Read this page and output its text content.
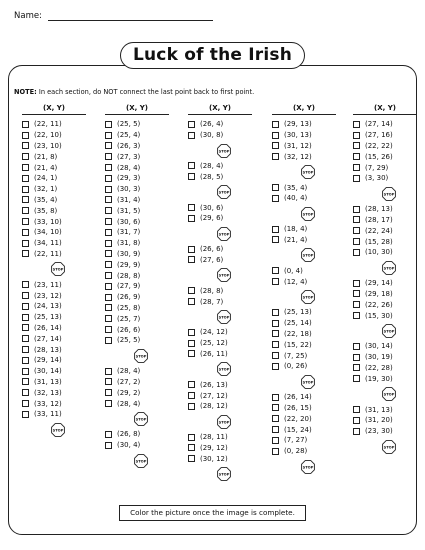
Name:
Luck of the Irish
NOTE: In each section, do NOT connect the last point back to first point.
(X, Y)
(22, 11)
(22, 10)
(23, 10)
(21, 8)
(21, 4)
(24, 1)
(32, 1)
(35, 4)
(35, 8)
(33, 10)
(34, 10)
(34, 11)
(22, 11)
STOP
(23, 11)
(23, 12)
(24, 13)
(25, 13)
(26, 14)
(27, 14)
(28, 13)
(29, 14)
(30, 14)
(31, 13)
(32, 13)
(33, 12)
(33, 11)
STOP
(X, Y)
(25, 5)
(25, 4)
(26, 3)
(27, 3)
(28, 4)
(29, 3)
(30, 3)
(31, 4)
(31, 5)
(30, 6)
(31, 7)
(31, 8)
(30, 9)
(29, 9)
(28, 8)
(27, 9)
(26, 9)
(25, 8)
(25, 7)
(26, 6)
(25, 5)
STOP
(28, 4)
(27, 2)
(29, 2)
(28, 4)
STOP
(26, 8)
(30, 4)
STOP
(X, Y)
(26, 4)
(30, 8)
STOP
(28, 4)
(28, 5)
STOP
(30, 6)
(29, 6)
STOP
(26, 6)
(27, 6)
STOP
(28, 8)
(28, 7)
STOP
(24, 12)
(25, 12)
(26, 11)
STOP
(26, 13)
(27, 12)
(28, 12)
STOP
(28, 11)
(29, 12)
(30, 12)
STOP
(X, Y)
(29, 13)
(30, 13)
(31, 12)
(32, 12)
STOP
(35, 4)
(40, 4)
STOP
(18, 4)
(21, 4)
STOP
(0, 4)
(12, 4)
STOP
(25, 13)
(25, 14)
(22, 18)
(15, 22)
(7, 25)
(0, 26)
STOP
(26, 14)
(26, 15)
(22, 20)
(15, 24)
(7, 27)
(0, 28)
STOP
(X, Y)
(27, 14)
(27, 16)
(22, 22)
(15, 26)
(7, 29)
(3, 30)
STOP
(28, 13)
(28, 17)
(22, 24)
(15, 28)
(10, 30)
STOP
(29, 14)
(29, 18)
(22, 26)
(15, 30)
STOP
(30, 14)
(30, 19)
(22, 28)
(19, 30)
STOP
(31, 13)
(31, 20)
(23, 30)
STOP
Color the picture once the image is complete.
